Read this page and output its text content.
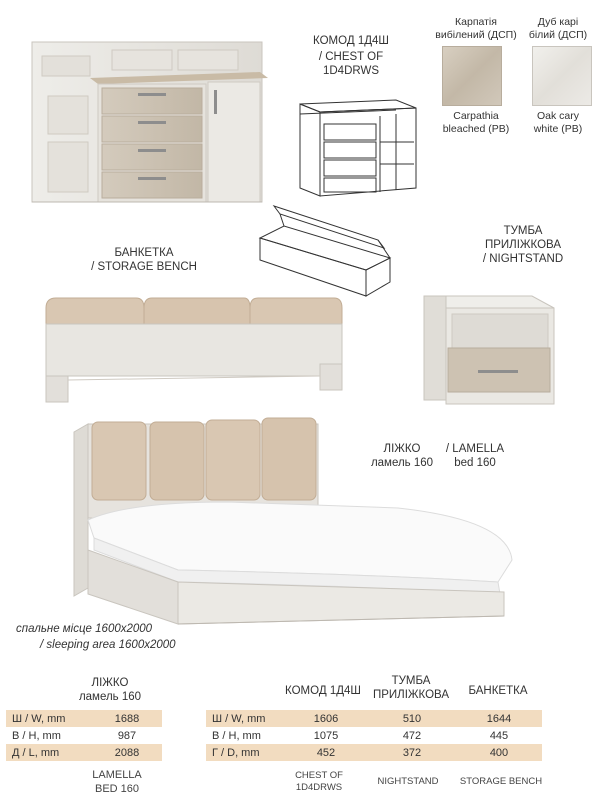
КОМОД 1Д4Ш
/ CHEST OF
1D4DRWS
Карпатія
вибілений (ДСП)
Carpathia
bleached (PB)
Дуб карі
білий (ДСП)
Oak cary
white (PB)
БАНКЕТКА
/ STORAGE BENCH
ТУМБА
ПРИЛІЖКОВА
/ NIGHTSTAND
ЛІЖКО
ламель 160
/ LAMELLA
bed 160
спальне місце 1600х2000
/ sleeping area 1600х2000
ЛІЖКО
ламель 160
Ш / W, mm	1688
В / H, mm	987
Д / L, mm	2088
LAMELLA
BED 160
КОМОД 1Д4Ш
ТУМБА
ПРИЛІЖКОВА	БАНКЕТКА
Ш / W, mm	1606	510	1644
В / H, mm	1075	472	445
Г / D, mm	452	372	400
CHEST OF
1D4DRWS
NIGHTSTAND	STORAGE BENCH
